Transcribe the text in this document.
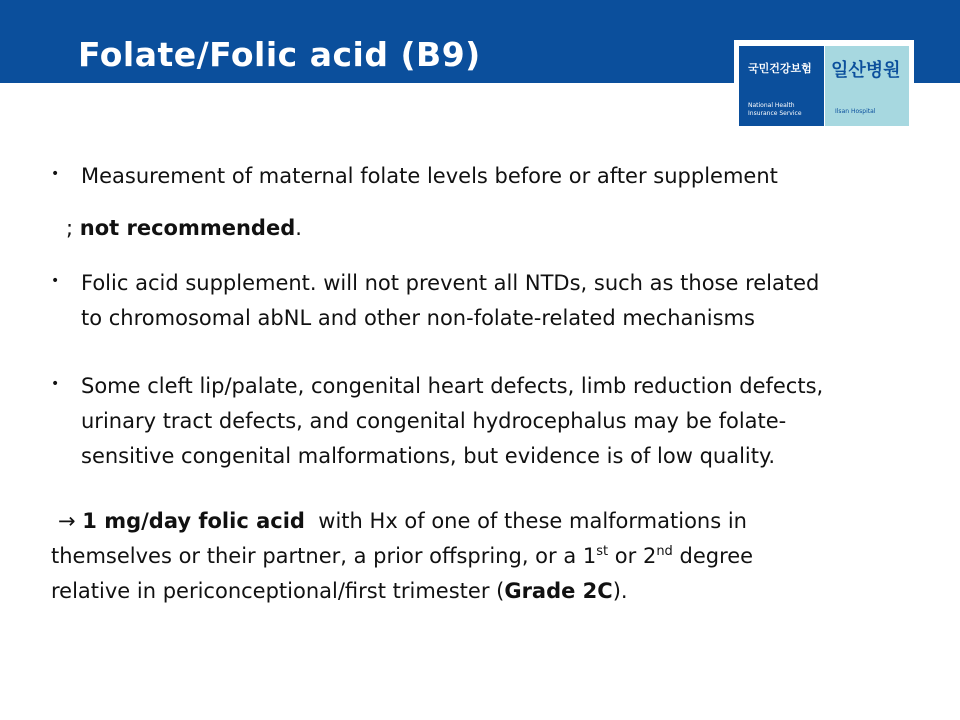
Folate/Folic acid (B9)	국민건강보험
National Health Insurance Service
일산병원
Ilsan Hospital
• Measurement of maternal folate levels before or after supplement
; not recommended.
• Folic acid supplement. will not prevent all NTDs, such as those related
to chromosomal abNL and other non-folate-related mechanisms
• Some cleft lip/palate, congenital heart defects, limb reduction defects,
urinary tract defects, and congenital hydrocephalus may be folate-
sensitive congenital malformations, but evidence is of low quality.
→ 1 mg/day folic acid with Hx of one of these malformations in
themselves or their partner, a prior offspring, or a 1st or 2nd degree
relative in periconceptional/first trimester (Grade 2C).
